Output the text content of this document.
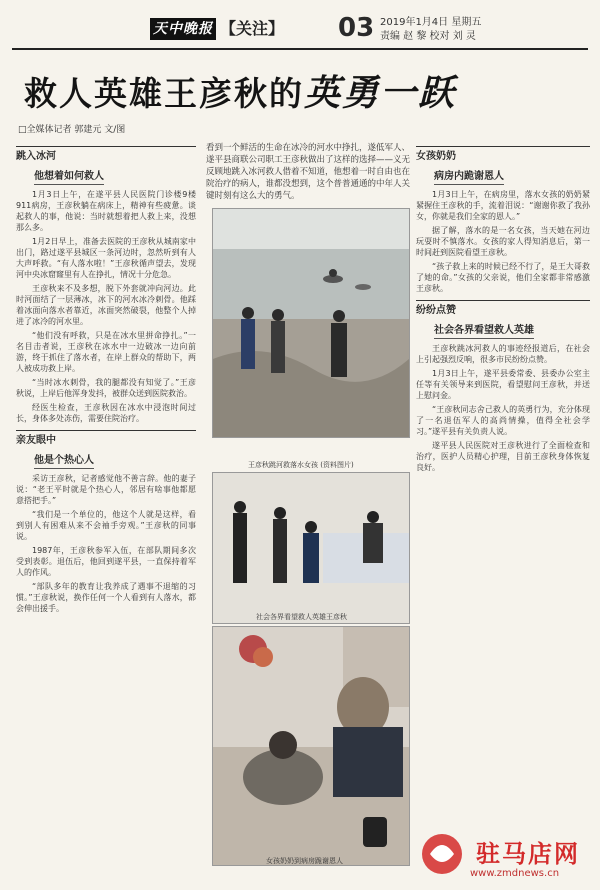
天中晚报 【关注】 03 2019年1月4日 星期五
责编 赵 黎 校对 刘 灵
救人英雄王彦秋的英勇一跃
□全媒体记者 郭建元 文/图
跳入冰河
他想着如何救人

1月3日上午，在遂平县人民医院门诊楼9楼911病房，王彦秋躺在病床上，精神有些疲惫。谈起救人的事，他说：当时就想着把人救上来，没想那么多。

1月2日早上，准备去医院的王彦秋从城南家中出门，路过遂平县城区一条河边时，忽然听到有人大声呼救。“有人落水啦！”王彦秋循声望去，发现河中央冰窟窿里有人在挣扎，情况十分危急。

王彦秋来不及多想，脱下外套就冲向河边。此时河面结了一层薄冰，冰下的河水冰冷刺骨。他踩着冰面向落水者靠近，冰面突然破裂，他整个人掉进了冰冷的河水里。

“他们没有呼救，只是在冰水里拼命挣扎。”一名目击者说，王彦秋在冰水中一边破冰一边向前游，终于抓住了落水者，在岸上群众的帮助下，两人被成功救上岸。

“当时冰水刺骨，我的腿都没有知觉了。”王彦秋说，上岸后他浑身发抖，被群众送到医院救治。

经医生检查，王彦秋因在冰水中浸泡时间过长，身体多处冻伤，需要住院治疗。

亲友眼中
他是个热心人

采访王彦秋，记者感觉他不善言辞。他的妻子说：“老王平时就是个热心人，邻居有啥事他都愿意搭把手。”

“我们是一个单位的，他这个人就是这样，看到别人有困难从来不会袖手旁观。”王彦秋的同事说。

1987年，王彦秋参军入伍，在部队期间多次受到表彰。退伍后，他回到遂平县，一直保持着军人的作风。

“部队多年的教育让我养成了遇事不退缩的习惯。”王彦秋说，换作任何一个人看到有人落水，都会伸出援手。

看到一个鲜活的生命在冰冷的河水中挣扎，遂低军人、遂平县商联公司职工王彦秋做出了这样的选择——义无反顾地跳入冰河救人借着不知道，他想着一时自由也在院治疗的病人，谁都没想到，这个普普通通的中年人关键时刻有这么大的勇气。
王彦秋跳河救落水女孩 (资料图片)
社会各界看望救人英雄王彦秋
女孩奶奶到病房跪谢恩人
女孩奶奶
病房内跪谢恩人

1月3日上午，在病房里，落水女孩的奶奶紧紧握住王彦秋的手，流着泪说：“谢谢你救了我孙女，你就是我们全家的恩人。”

据了解，落水的是一名女孩，当天她在河边玩耍时不慎落水。女孩的家人得知消息后，第一时间赶到医院看望王彦秋。

“孩子救上来的时候已经不行了，是王大哥救了她的命。”女孩的父亲说，他们全家都非常感激王彦秋。

纷纷点赞
社会各界看望救人英雄

王彦秋跳冰河救人的事迹经报道后，在社会上引起强烈反响，很多市民纷纷点赞。

1月3日上午，遂平县委常委、县委办公室主任等有关领导来到医院，看望慰问王彦秋，并送上慰问金。

“王彦秋同志舍己救人的英勇行为，充分体现了一名退伍军人的高尚情操，值得全社会学习。”遂平县有关负责人说。

遂平县人民医院对王彦秋进行了全面检查和治疗，医护人员精心护理，目前王彦秋身体恢复良好。

驻马店网
www.zmdnews.cn
